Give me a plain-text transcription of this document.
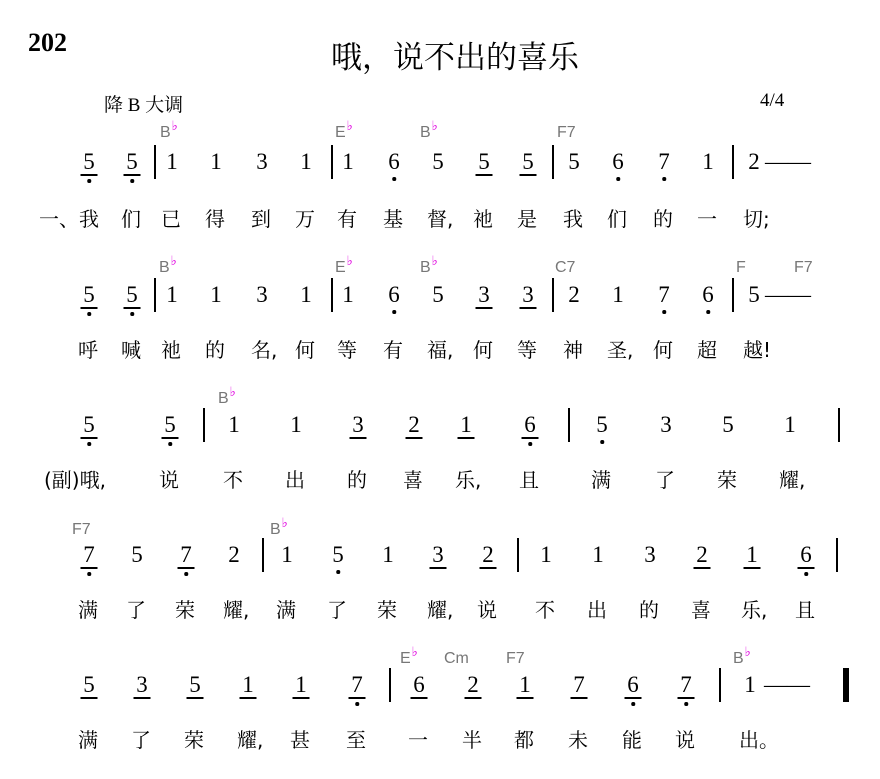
202	哦，说不出的喜乐
降 B 大调	4/4
5 5 1 1 3 1 1 6 5 5 5 5 6 7 1 2 ——
一、我 们 已 得 到 万 有 基 督, 祂 是 我 们 的 一 切;
5 5 1 1 3 1 1 6 5 3 3 2 1 7 6 5 ——
呼 喊 祂 的 名, 何 等 有 福, 何 等 神 圣, 何 超 越!
5	5 1 1 3 2 1 6	5 3 5 1
(副)哦,	说 不 出 的 喜 乐, 且	满 了 荣 耀,
7 5 7 2 1 5 1 3 2 1 1 3 2 1 6
满 了 荣 耀, 满 了 荣 耀, 说 不 出 的 喜 乐, 且
5 3 5 1 1 7 6 2 1 7 6 7 1 ——
满 了 荣 耀, 甚 至 一 半 都 未 能 说 出。
B♭	E♭	B♭	F7
B♭	E♭	B♭	C7	F	F7
B♭
F7	B♭
E♭ Cm F7	B♭
